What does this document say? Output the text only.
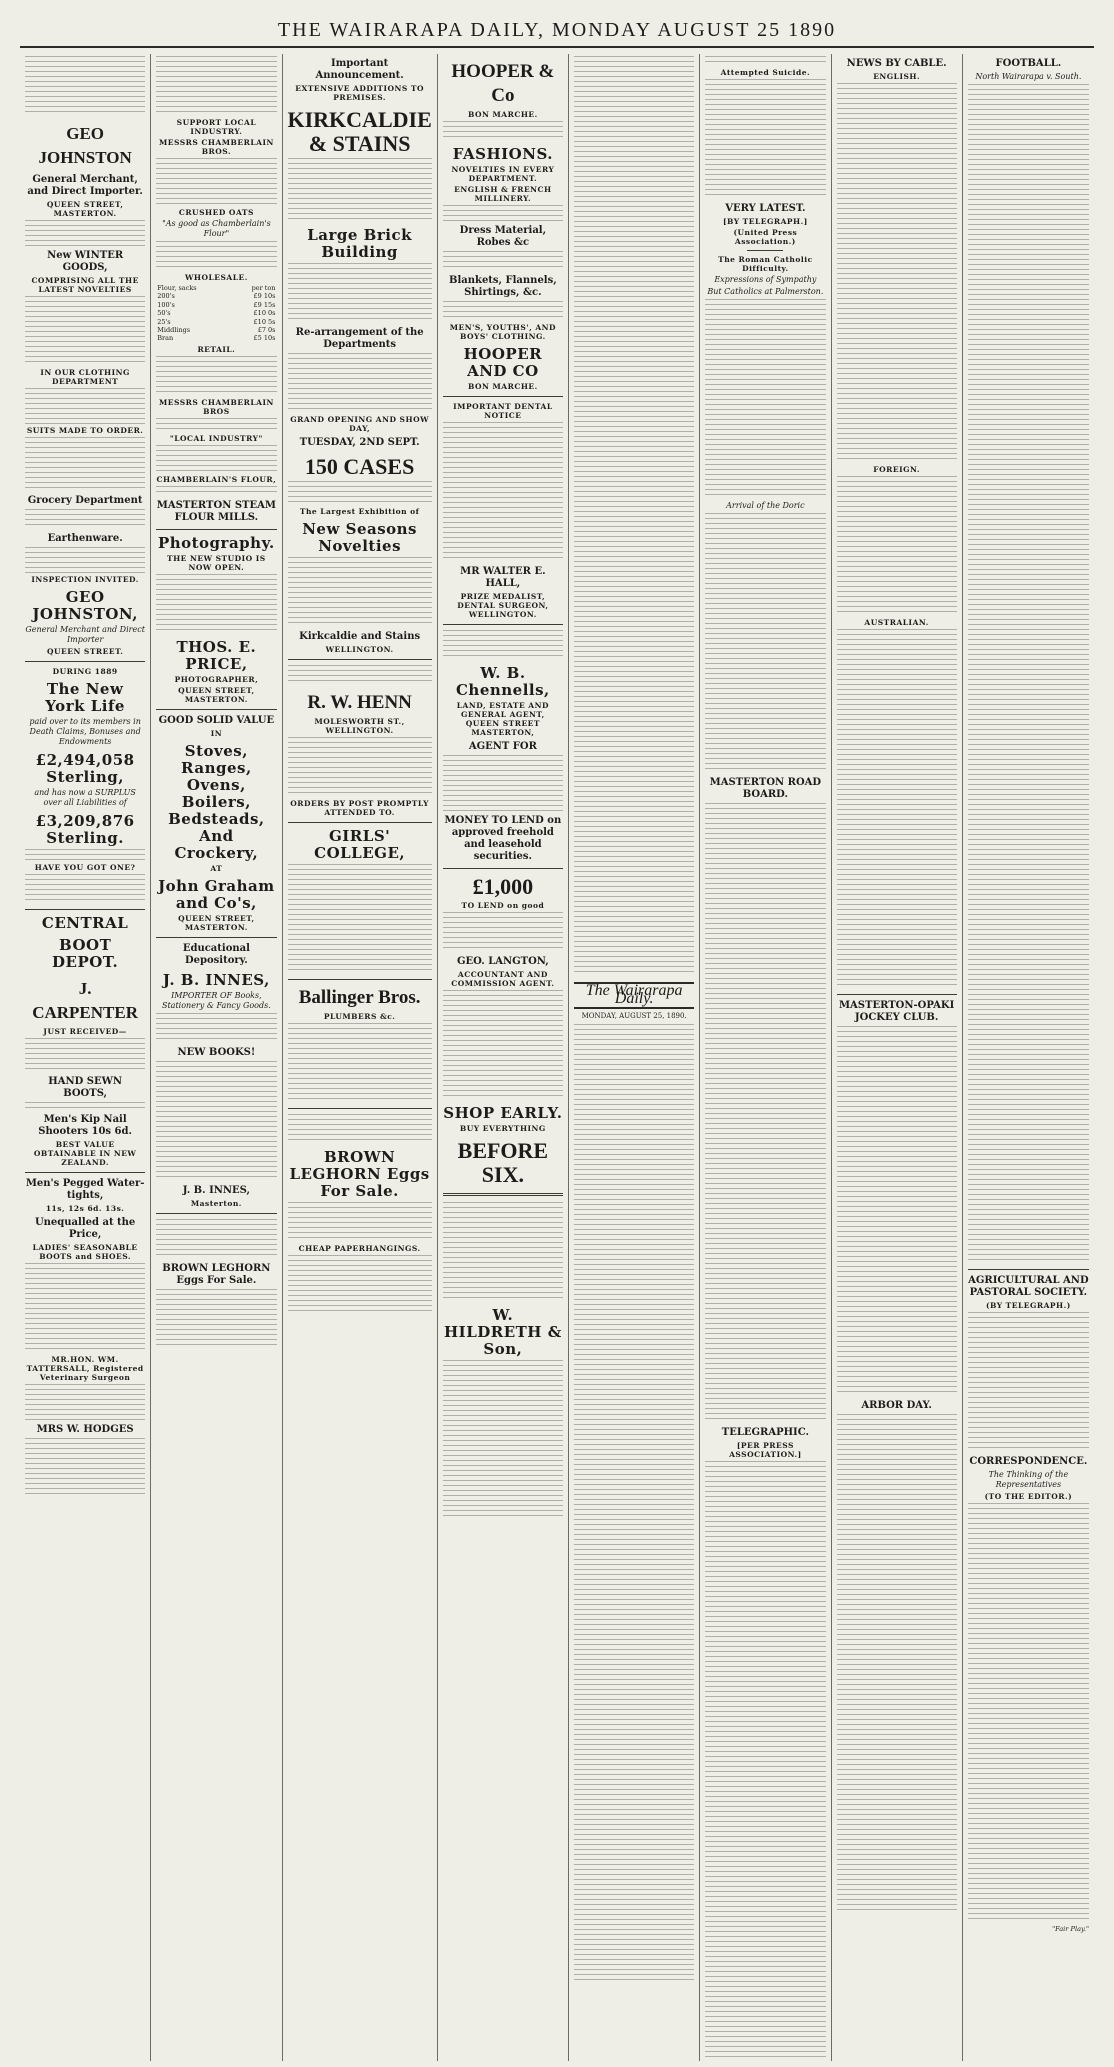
THE WAIRARAPA DAILY, MONDAY AUGUST 25 1890
GEO JOHNSTON
General Merchant, and Direct Importer.
QUEEN STREET, MASTERTON.
New WINTER GOODS,
COMPRISING ALL THE LATEST NOVELTIES
IN OUR CLOTHING DEPARTMENT
SUITS MADE TO ORDER.
Grocery Department
Earthenware.
INSPECTION INVITED.
GEO JOHNSTON,
General Merchant and Direct Importer
QUEEN STREET.
DURING 1889
The New York Life
paid over to its members in Death Claims, Bonuses and Endowments
£2,494,058 Sterling,
and has now a SURPLUS over all Liabilities of
£3,209,876 Sterling.
HAVE YOU GOT ONE?
CENTRAL
BOOT DEPOT.
J. CARPENTER
JUST RECEIVED—
HAND SEWN BOOTS,
Men's Kip Nail Shooters 10s 6d.
BEST VALUE OBTAINABLE IN NEW ZEALAND.
Men's Pegged Water-tights,
11s, 12s 6d. 13s.
Unequalled at the Price,
LADIES' SEASONABLE BOOTS and SHOES.
MR.HON. WM. TATTERSALL, Registered Veterinary Surgeon
MRS W. HODGES
SUPPORT LOCAL INDUSTRY.
MESSRS CHAMBERLAIN BROS.
CRUSHED OATS
"As good as Chamberlain's Flour"
WHOLESALE.
Flour, sacks	per ton
200's	£9 10s
100's	£9 15s
50's	£10 0s
25's	£10 5s
Middlings	£7 0s
Bran	£5 10s
RETAIL.
MESSRS CHAMBERLAIN BROS
"LOCAL INDUSTRY"
CHAMBERLAIN'S FLOUR,
MASTERTON STEAM FLOUR MILLS.
Photography.
THE NEW STUDIO IS NOW OPEN.
THOS. E. PRICE,
PHOTOGRAPHER,
QUEEN STREET, MASTERTON.
GOOD SOLID VALUE
IN
Stoves, Ranges, Ovens, Boilers, Bedsteads, And Crockery,
AT
John Graham and Co's,
QUEEN STREET, MASTERTON.
Educational Depository.
J. B. INNES,
IMPORTER OF Books, Stationery & Fancy Goods.
NEW BOOKS!
J. B. INNES,
Masterton.
BROWN LEGHORN Eggs For Sale.
Important Announcement.
EXTENSIVE ADDITIONS TO PREMISES.
KIRKCALDIE & STAINS
Large Brick Building
Re-arrangement of the Departments
GRAND OPENING AND SHOW DAY,
TUESDAY, 2ND SEPT.
150 CASES
The Largest Exhibition of
New Seasons Novelties
Kirkcaldie and Stains
WELLINGTON.
R. W. HENN
MOLESWORTH ST., WELLINGTON.
ORDERS BY POST PROMPTLY ATTENDED TO.
GIRLS' COLLEGE,
Ballinger Bros.
PLUMBERS &c.
BROWN LEGHORN Eggs For Sale.
CHEAP PAPERHANGINGS.
HOOPER & Co
BON MARCHE.
FASHIONS.
NOVELTIES IN EVERY DEPARTMENT.
ENGLISH & FRENCH MILLINERY.
Dress Material, Robes &c
Blankets, Flannels, Shirtings, &c.
MEN'S, YOUTHS', AND BOYS' CLOTHING.
HOOPER AND CO
BON MARCHE.
IMPORTANT DENTAL NOTICE
MR WALTER E. HALL,
PRIZE MEDALIST, DENTAL SURGEON, WELLINGTON.
W. B. Chennells,
LAND, ESTATE AND GENERAL AGENT, QUEEN STREET MASTERTON,
AGENT FOR
MONEY TO LEND on approved freehold and leasehold securities.
£1,000
TO LEND on good
GEO. LANGTON,
ACCOUNTANT AND COMMISSION AGENT.
SHOP EARLY.
BUY EVERYTHING
BEFORE SIX.
W. HILDRETH & Son,
The Wairarapa Daily.
MONDAY, AUGUST 25, 1890.
Attempted Suicide.
VERY LATEST.
[BY TELEGRAPH.]
(United Press Association.)
The Roman Catholic Difficulty.
Expressions of Sympathy
But Catholics at Palmerston.
Arrival of the Doric
MASTERTON ROAD BOARD.
TELEGRAPHIC.
[PER PRESS ASSOCIATION.]
NEWS BY CABLE.
ENGLISH.
FOREIGN.
AUSTRALIAN.
MASTERTON-OPAKI JOCKEY CLUB.
ARBOR DAY.
FOOTBALL.
North Wairarapa v. South.
AGRICULTURAL AND PASTORAL SOCIETY.
(BY TELEGRAPH.)
CORRESPONDENCE.
The Thinking of the Representatives
(TO THE EDITOR.)
"Fair Play."
